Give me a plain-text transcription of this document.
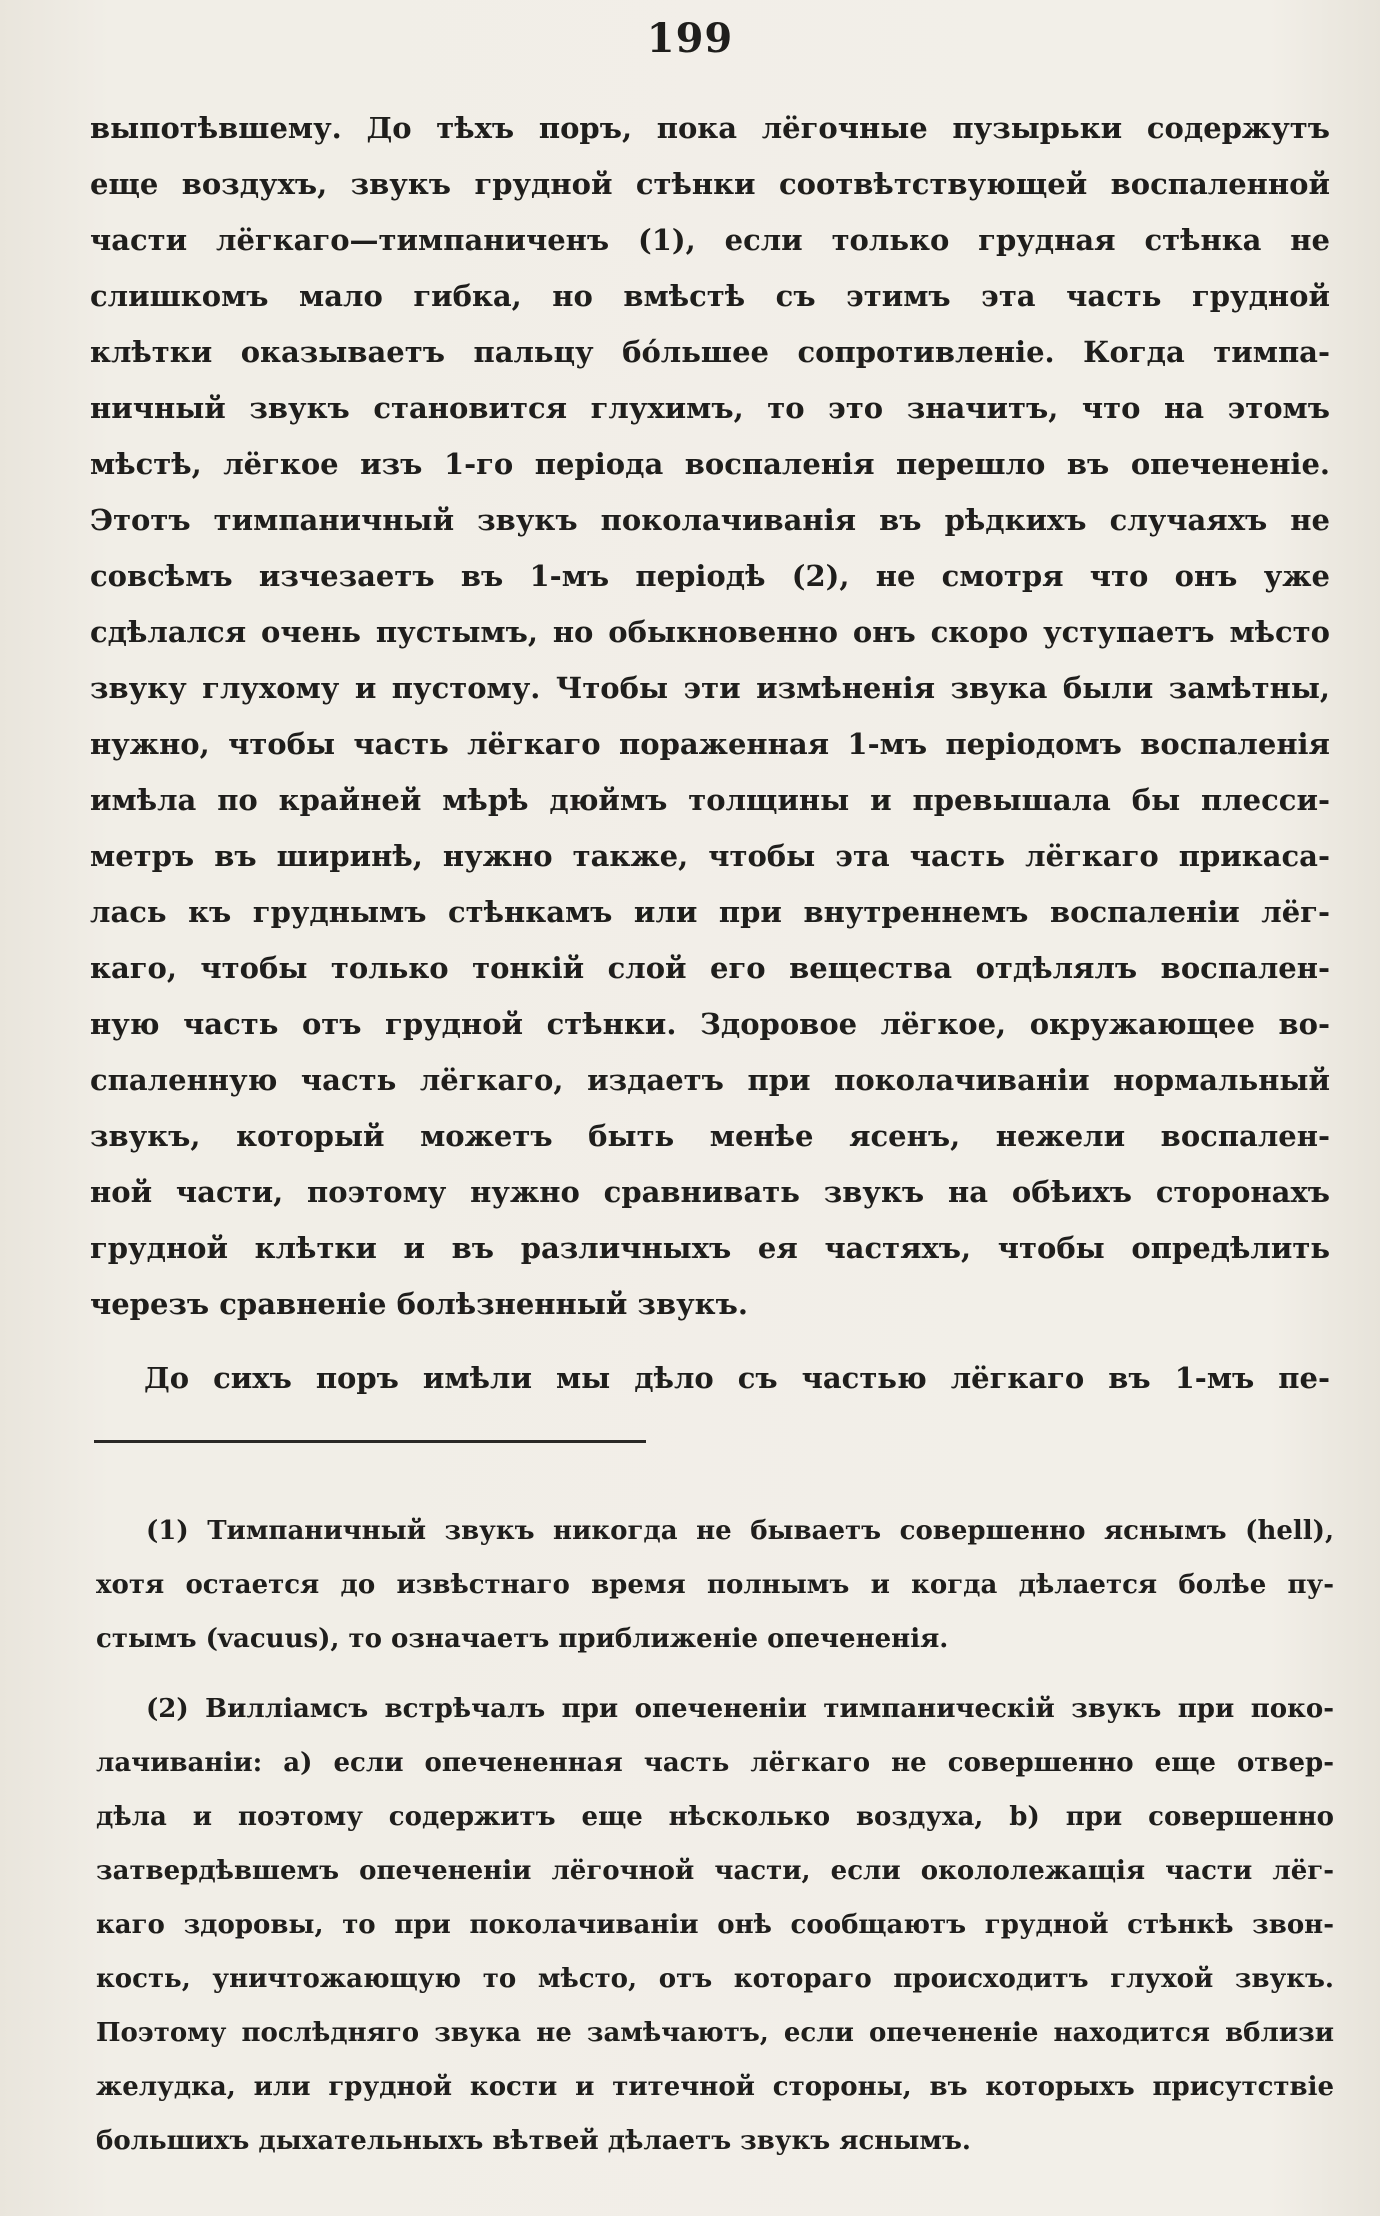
199
выпотѣвшему. До тѣхъ поръ, пока лёгочные пузырьки содержутъ
еще воздухъ, звукъ грудной стѣнки соотвѣтствующей воспаленной
части лёгкаго—тимпаниченъ (1), если только грудная стѣнка не
слишкомъ мало гибка, но вмѣстѣ съ этимъ эта часть грудной
клѣтки оказываетъ пальцу бóльшее сопротивленіе. Когда тимпа-
ничный звукъ становится глухимъ, то это значитъ, что на этомъ
мѣстѣ, лёгкое изъ 1-го періода воспаленія перешло въ опечененіе.
Этотъ тимпаничный звукъ поколачиванія въ рѣдкихъ случаяхъ не
совсѣмъ изчезаетъ въ 1-мъ періодѣ (2), не смотря что онъ уже
сдѣлался очень пустымъ, но обыкновенно онъ скоро уступаетъ мѣсто
звуку глухому и пустому. Чтобы эти измѣненія звука были замѣтны,
нужно, чтобы часть лёгкаго пораженная 1-мъ періодомъ воспаленія
имѣла по крайней мѣрѣ дюймъ толщины и превышала бы плесси-
метръ въ ширинѣ, нужно также, чтобы эта часть лёгкаго прикаса-
лась къ груднымъ стѣнкамъ или при внутреннемъ воспаленіи лёг-
каго, чтобы только тонкій слой его вещества отдѣлялъ воспален-
ную часть отъ грудной стѣнки. Здоровое лёгкое, окружающее во-
спаленную часть лёгкаго, издаетъ при поколачиваніи нормальный
звукъ, который можетъ быть менѣе ясенъ, нежели воспален-
ной части, поэтому нужно сравнивать звукъ на обѣихъ сторонахъ
грудной клѣтки и въ различныхъ ея частяхъ, чтобы опредѣлить
черезъ сравненіе болѣзненный звукъ.
До сихъ поръ имѣли мы дѣло съ частью лёгкаго въ 1-мъ пе-
(1) Тимпаничный звукъ никогда не бываетъ совершенно яснымъ (hell),
хотя остается до извѣстнаго время полнымъ и когда дѣлается болѣе пу-
стымъ (vacuus), то означаетъ приближеніе опечененія.
(2) Вилліамсъ встрѣчалъ при опечененіи тимпаническій звукъ при поко-
лачиваніи: а) если опечененная часть лёгкаго не совершенно еще отвер-
дѣла и поэтому содержитъ еще нѣсколько воздуха, b) при совершенно
затвердѣвшемъ опечененіи лёгочной части, если окололежащія части лёг-
каго здоровы, то при поколачиваніи онѣ сообщаютъ грудной стѣнкѣ звон-
кость, уничтожающую то мѣсто, отъ котораго происходитъ глухой звукъ.
Поэтому послѣдняго звука не замѣчаютъ, если опечененіе находится вблизи
желудка, или грудной кости и титечной стороны, въ которыхъ присутствіе
большихъ дыхательныхъ вѣтвей дѣлаетъ звукъ яснымъ.
